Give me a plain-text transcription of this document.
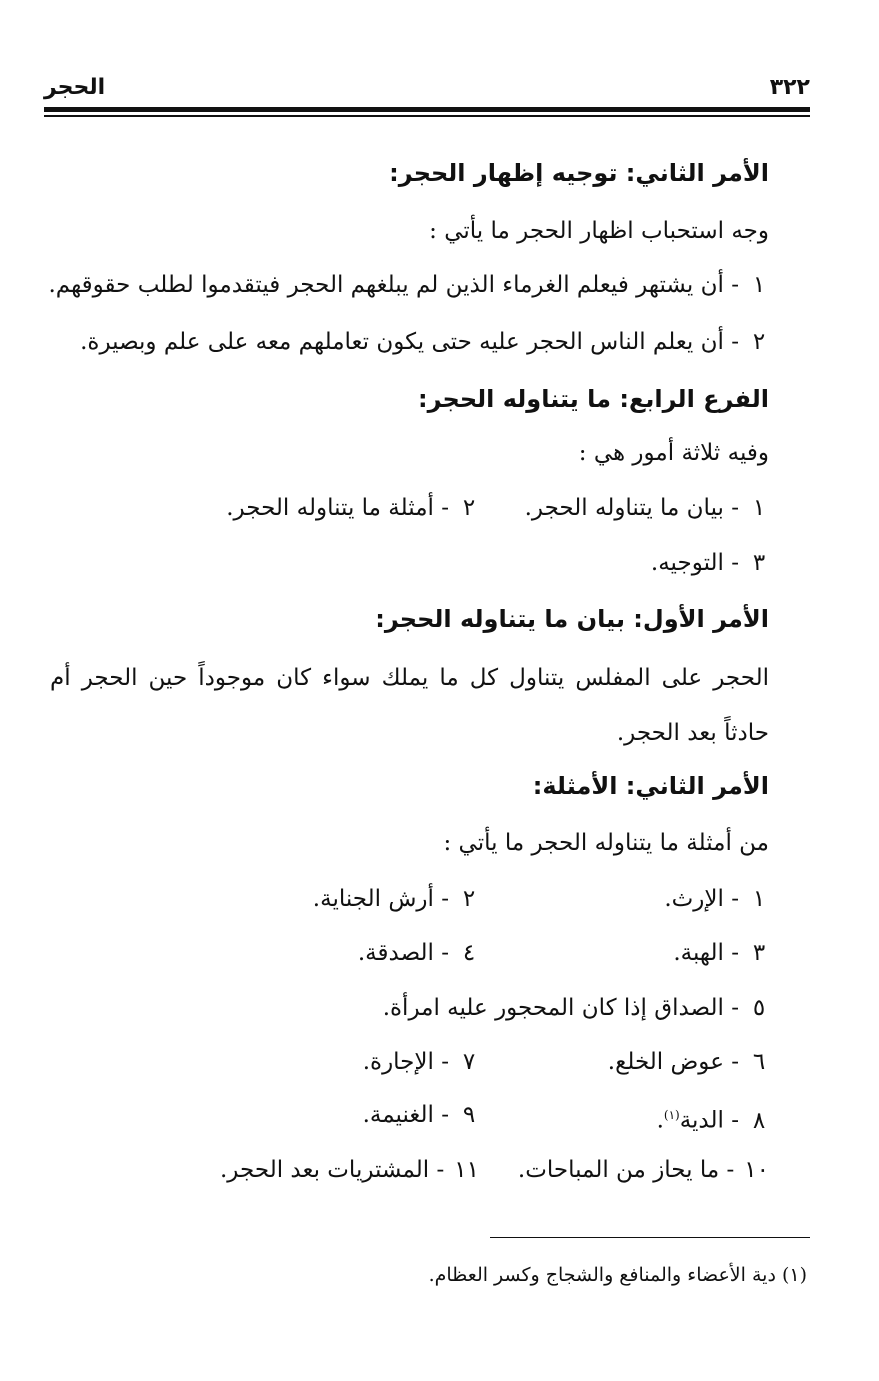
٣٢٢
الحجر
الأمر الثاني: توجيه إظهار الحجر:
وجه استحباب اظهار الحجر ما يأتي :
١- أن يشتهر فيعلم الغرماء الذين لم يبلغهم الحجر فيتقدموا لطلب حقوقهم.
٢- أن يعلم الناس الحجر عليه حتى يكون تعاملهم معه على علم وبصيرة.
الفرع الرابع: ما يتناوله الحجر:
وفيه ثلاثة أمور هي :
١- بيان ما يتناوله الحجر.
٢- أمثلة ما يتناوله الحجر.
٣- التوجيه.
الأمر الأول: بيان ما يتناوله الحجر:
الحجر على المفلس يتناول كل ما يملك سواء كان موجوداً حين الحجر أم
حادثاً بعد الحجر.
الأمر الثاني: الأمثلة:
من أمثلة ما يتناوله الحجر ما يأتي :
١- الإرث.
٢- أرش الجناية.
٣- الهبة.
٤- الصدقة.
٥- الصداق إذا كان المحجور عليه امرأة.
٦- عوض الخلع.
٧- الإجارة.
٨- الدية$^{(١)}$.
٩- الغنيمة.
١٠- ما يحاز من المباحات.
١١- المشتريات بعد الحجر.
(١) دية الأعضاء والمنافع والشجاج وكسر العظام.
